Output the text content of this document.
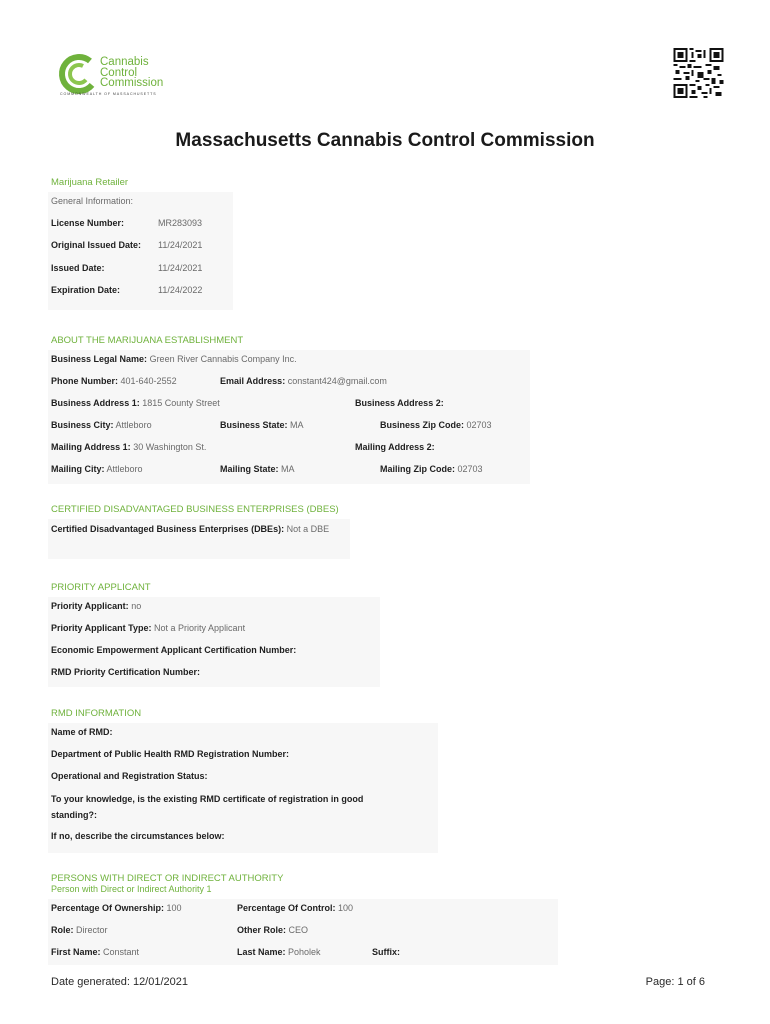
Cannabis
Control
Commission
COMMONWEALTH OF MASSACHUSETTS
Massachusetts Cannabis Control Commission
Marijuana Retailer
General Information:
License Number:	MR283093
Original Issued Date: 11/24/2021
Issued Date:	11/24/2021
Expiration Date:	11/24/2022
ABOUT THE MARIJUANA ESTABLISHMENT
Business Legal Name: Green River Cannabis Company Inc.
Phone Number: 401-640-2552	Email Address: constant424@gmail.com
Business Address 1: 1815 County Street	Business Address 2:
Business City: Attleboro	Business State: MA	Business Zip Code: 02703
Mailing Address 1: 30 Washington St.	Mailing Address 2:
Mailing City: Attleboro	Mailing State: MA	Mailing Zip Code: 02703
CERTIFIED DISADVANTAGED BUSINESS ENTERPRISES (DBES)
Certified Disadvantaged Business Enterprises (DBEs): Not a DBE
PRIORITY APPLICANT
Priority Applicant: no
Priority Applicant Type: Not a Priority Applicant
Economic Empowerment Applicant Certification Number:
RMD Priority Certification Number:
RMD INFORMATION
Name of RMD:
Department of Public Health RMD Registration Number:
Operational and Registration Status:
To your knowledge, is the existing RMD certificate of registration in good standing?:
If no, describe the circumstances below:
PERSONS WITH DIRECT OR INDIRECT AUTHORITY
Person with Direct or Indirect Authority 1
Percentage Of Ownership: 100	Percentage Of Control: 100
Role: Director	Other Role: CEO
First Name: Constant	Last Name: Poholek	Suffix:
Date generated: 12/01/2021	Page: 1 of 6
